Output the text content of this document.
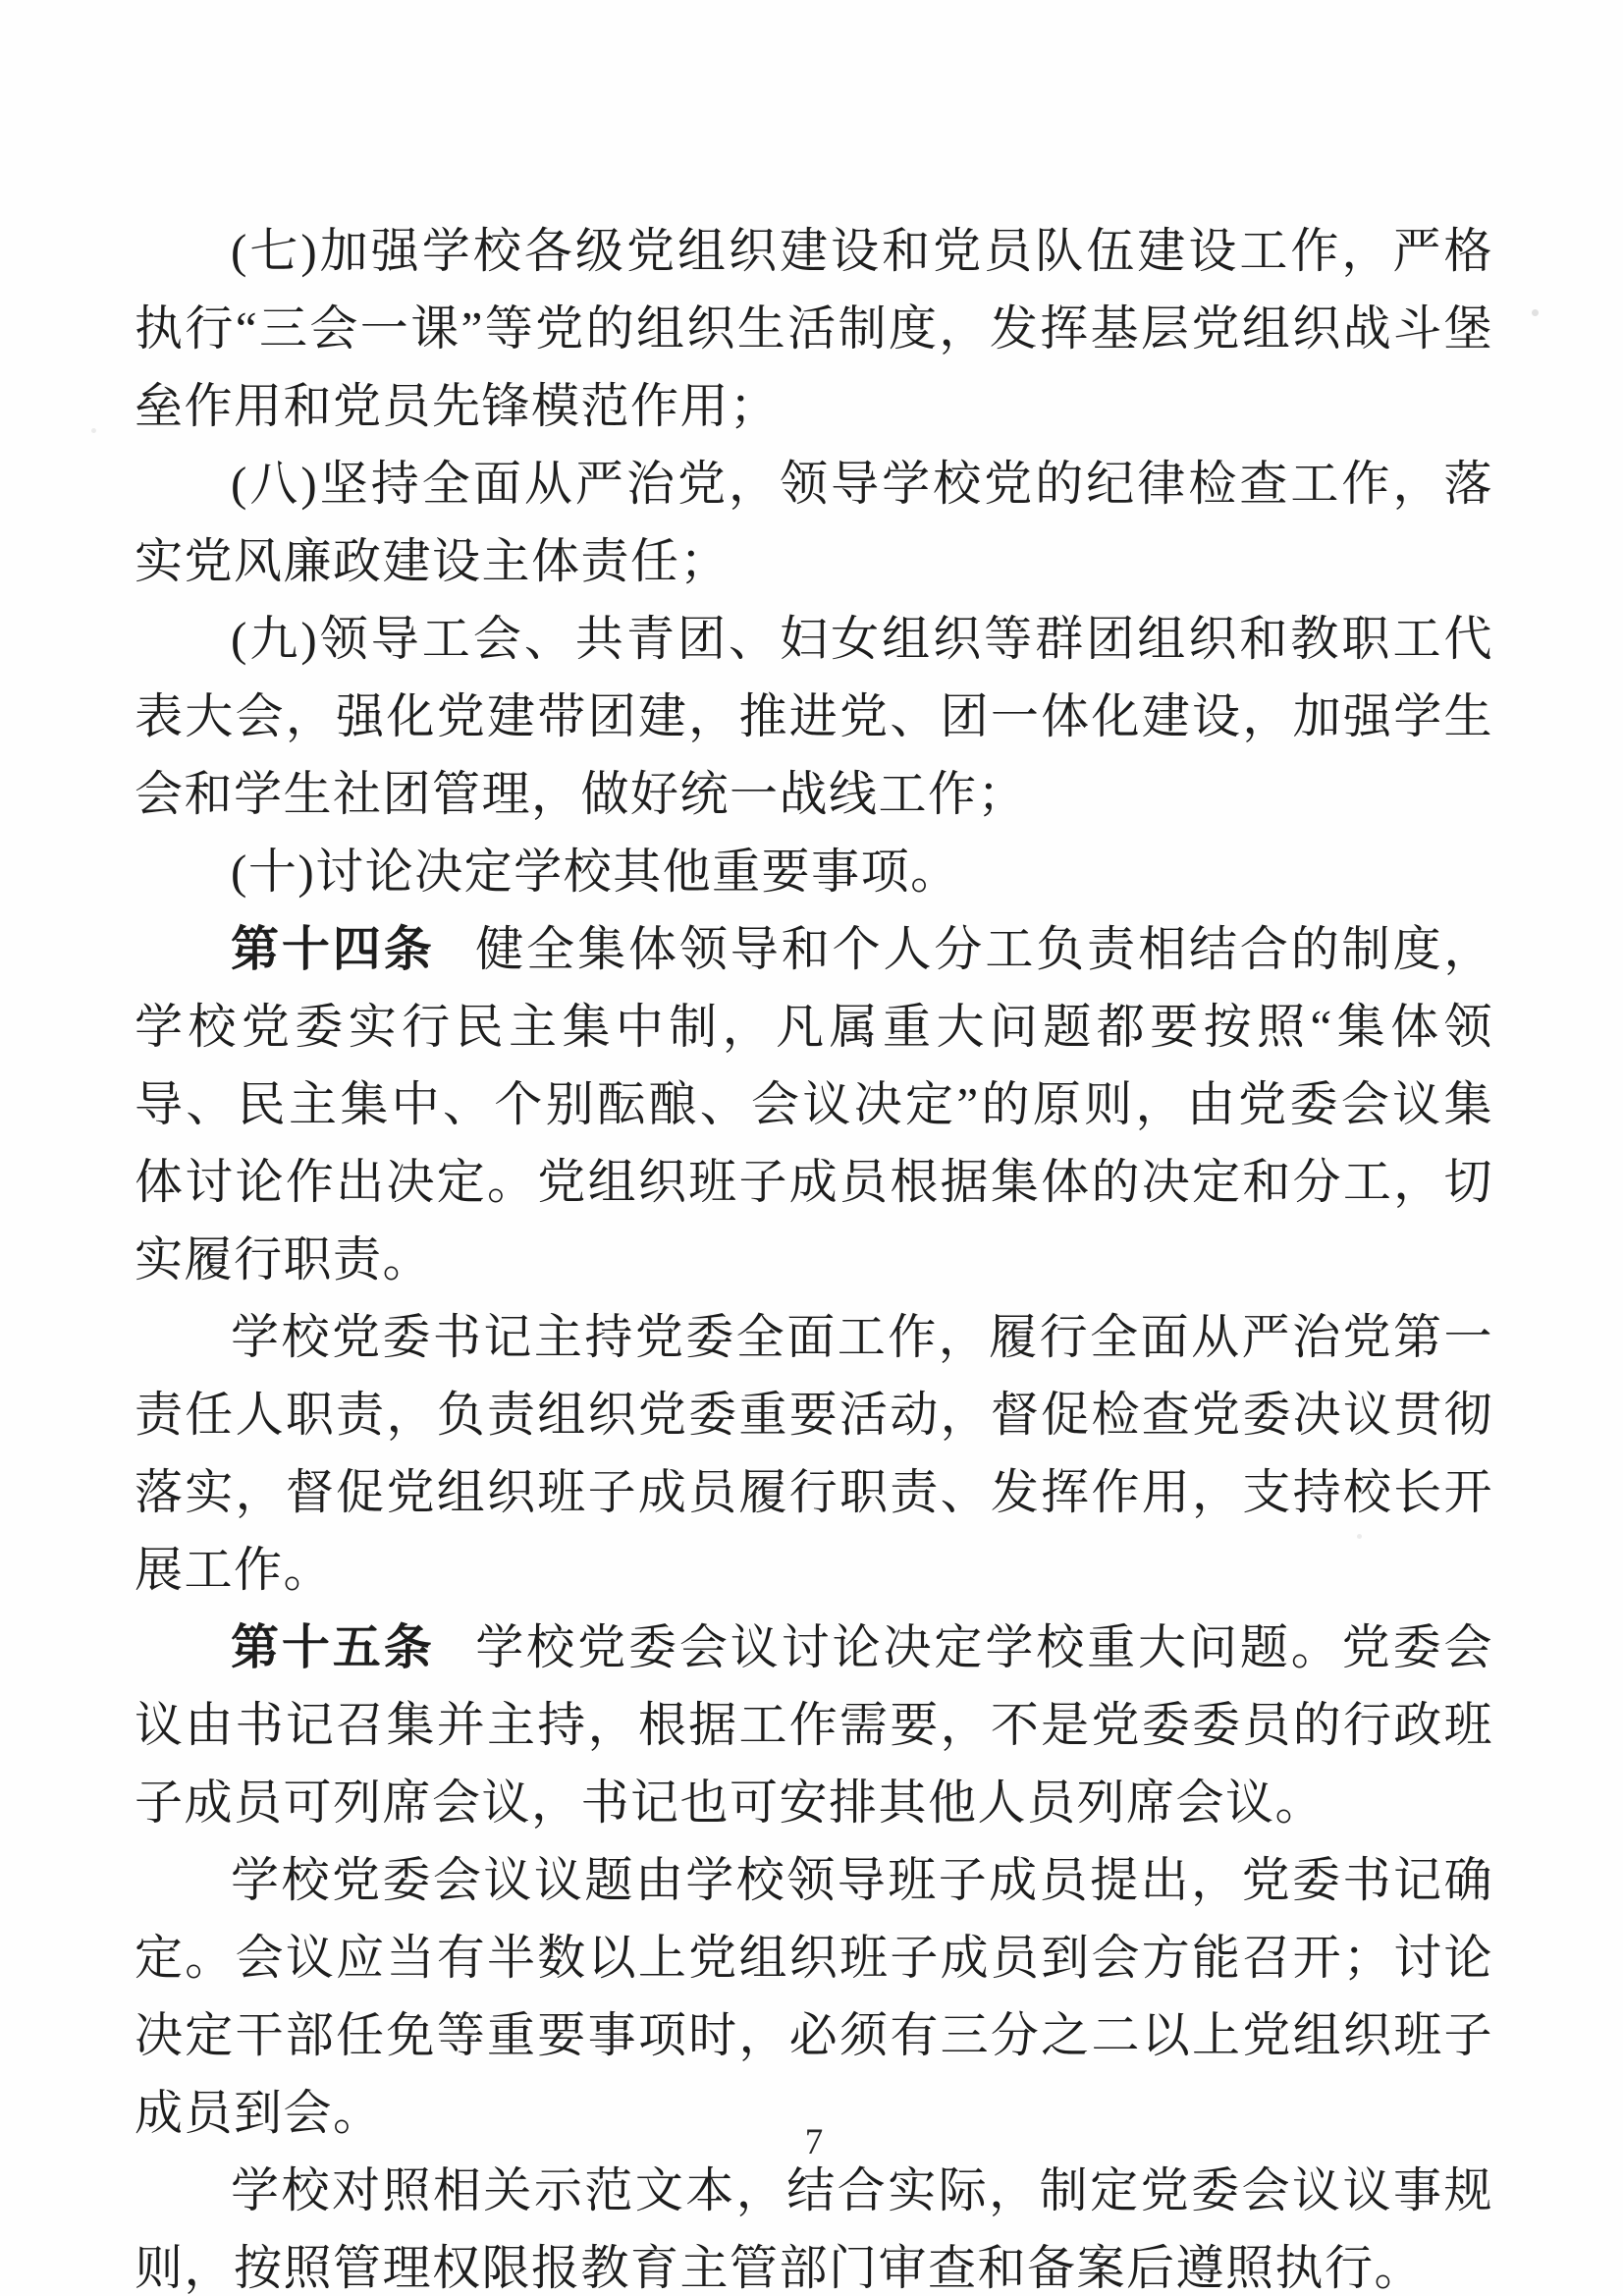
(七)加强学校各级党组织建设和党员队伍建设工作，严格执行“三会一课”等党的组织生活制度，发挥基层党组织战斗堡垒作用和党员先锋模范作用；

(八)坚持全面从严治党，领导学校党的纪律检查工作，落实党风廉政建设主体责任；

(九)领导工会、共青团、妇女组织等群团组织和教职工代表大会，强化党建带团建，推进党、团一体化建设，加强学生会和学生社团管理，做好统一战线工作；

(十)讨论决定学校其他重要事项。

第十四条 健全集体领导和个人分工负责相结合的制度，学校党委实行民主集中制，凡属重大问题都要按照“集体领导、民主集中、个别酝酿、会议决定”的原则，由党委会议集体讨论作出决定。党组织班子成员根据集体的决定和分工，切实履行职责。

学校党委书记主持党委全面工作，履行全面从严治党第一责任人职责，负责组织党委重要活动，督促检查党委决议贯彻落实，督促党组织班子成员履行职责、发挥作用，支持校长开展工作。

第十五条 学校党委会议讨论决定学校重大问题。党委会议由书记召集并主持，根据工作需要，不是党委委员的行政班子成员可列席会议，书记也可安排其他人员列席会议。

学校党委会议议题由学校领导班子成员提出，党委书记确定。会议应当有半数以上党组织班子成员到会方能召开；讨论决定干部任免等重要事项时，必须有三分之二以上党组织班子成员到会。

学校对照相关示范文本，结合实际，制定党委会议议事规则，按照管理权限报教育主管部门审查和备案后遵照执行。

7
